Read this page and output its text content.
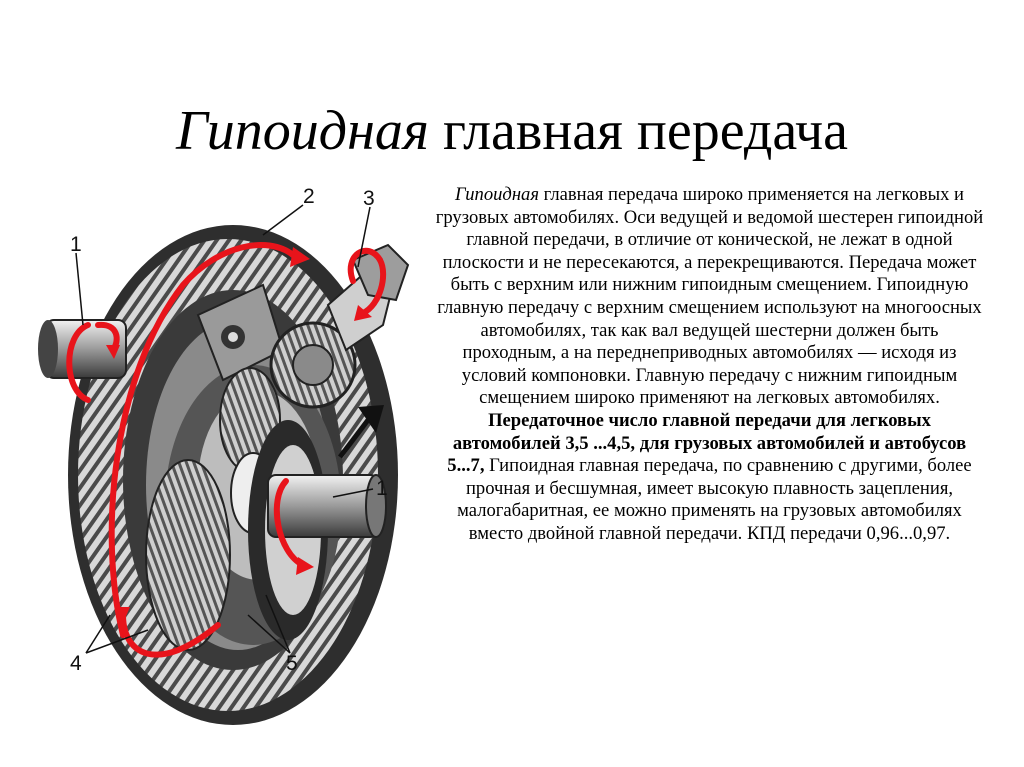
Гипоидная главная передача
1
2 3
1
4	5
Гипоидная главная передача широко применяется на легковых и грузовых автомобилях. Оси ведущей и ведомой шестерен гипоидной главной передачи, в отличие от конической, не лежат в одной плоскости и не пересекаются, а перекрещиваются. Передача может быть с верхним или нижним гипоидным смещением. Гипоидную главную передачу с верхним смещением используют на многоосных автомобилях, так как вал ведущей шестерни должен быть проходным, а на переднеприводных автомобилях — исходя из условий компоновки. Главную передачу с нижним гипоидным смещением широко применяют на легковых автомобилях. Передаточное число главной передачи для легковых автомобилей 3,5 ...4,5, для грузовых автомобилей и автобусов 5...7, Гипоидная главная передача, по сравнению с другими, более прочная и бесшумная, имеет высокую плавность зацепления, малогабаритная, ее можно применять на грузовых автомобилях вместо двойной главной передачи. КПД передачи 0,96...0,97.
